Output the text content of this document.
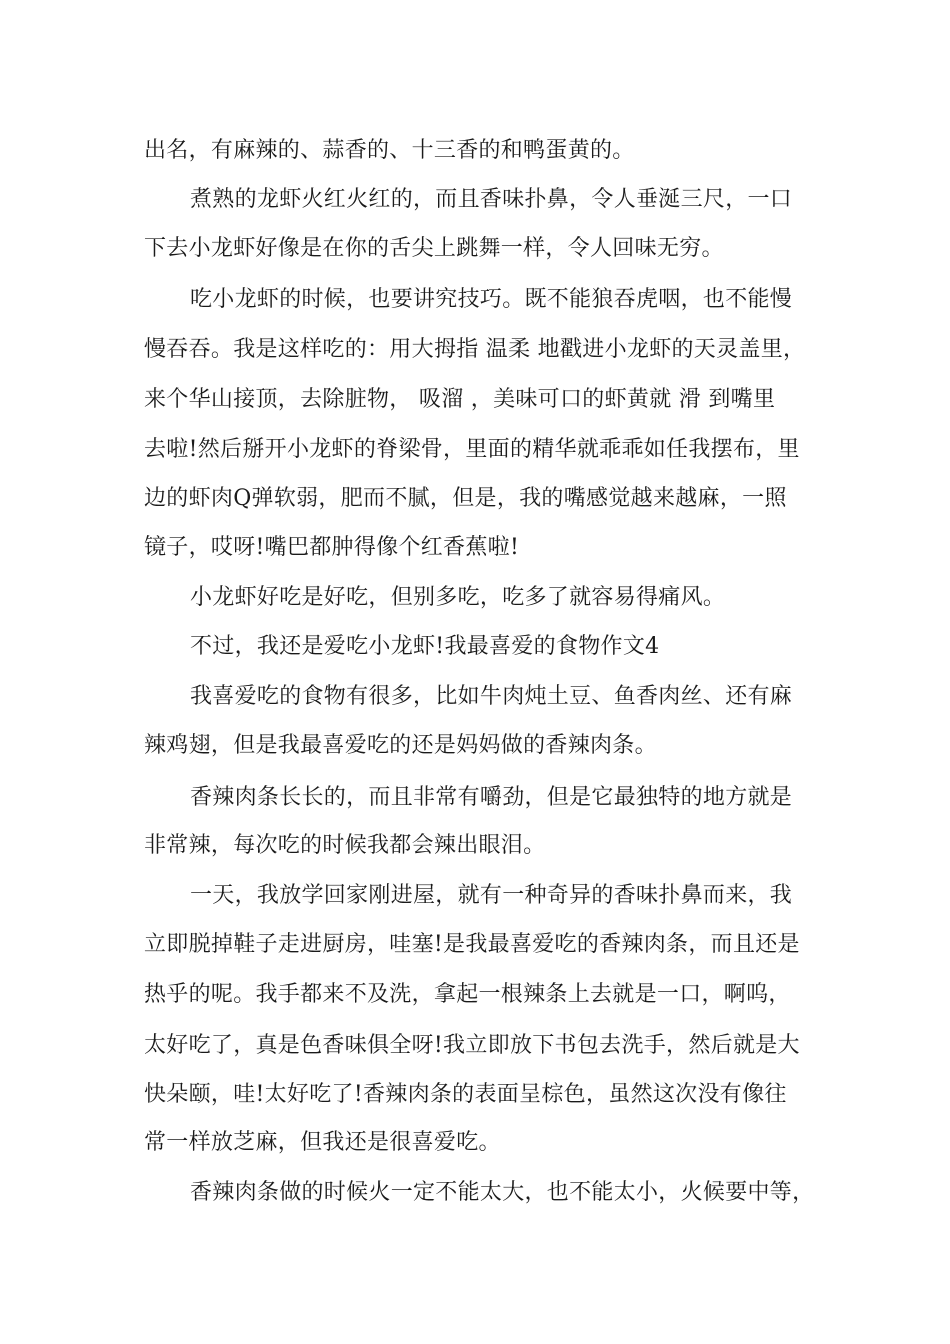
出名，有麻辣的、蒜香的、十三香的和鸭蛋黄的。
煮熟的龙虾火红火红的，而且香味扑鼻，令人垂涎三尺，一口
下去小龙虾好像是在你的舌尖上跳舞一样，令人回味无穷。
吃小龙虾的时候，也要讲究技巧。既不能狼吞虎咽，也不能慢
慢吞吞。我是这样吃的：用大拇指 温柔 地戳进小龙虾的天灵盖里，
来个华山接顶，去除脏物， 吸溜 ，美味可口的虾黄就 滑 到嘴里
去啦!然后掰开小龙虾的脊梁骨，里面的精华就乖乖如任我摆布，里
边的虾肉Q弹软弱，肥而不腻，但是，我的嘴感觉越来越麻，一照
镜子，哎呀!嘴巴都肿得像个红香蕉啦!
小龙虾好吃是好吃，但别多吃，吃多了就容易得痛风。
不过，我还是爱吃小龙虾!我最喜爱的食物作文4
我喜爱吃的食物有很多，比如牛肉炖土豆、鱼香肉丝、还有麻
辣鸡翅，但是我最喜爱吃的还是妈妈做的香辣肉条。
香辣肉条长长的，而且非常有嚼劲，但是它最独特的地方就是
非常辣，每次吃的时候我都会辣出眼泪。
一天，我放学回家刚进屋，就有一种奇异的香味扑鼻而来，我
立即脱掉鞋子走进厨房，哇塞!是我最喜爱吃的香辣肉条，而且还是
热乎的呢。我手都来不及洗，拿起一根辣条上去就是一口，啊呜，
太好吃了，真是色香味俱全呀!我立即放下书包去洗手，然后就是大
快朵颐，哇!太好吃了!香辣肉条的表面呈棕色，虽然这次没有像往
常一样放芝麻，但我还是很喜爱吃。
香辣肉条做的时候火一定不能太大，也不能太小，火候要中等，
